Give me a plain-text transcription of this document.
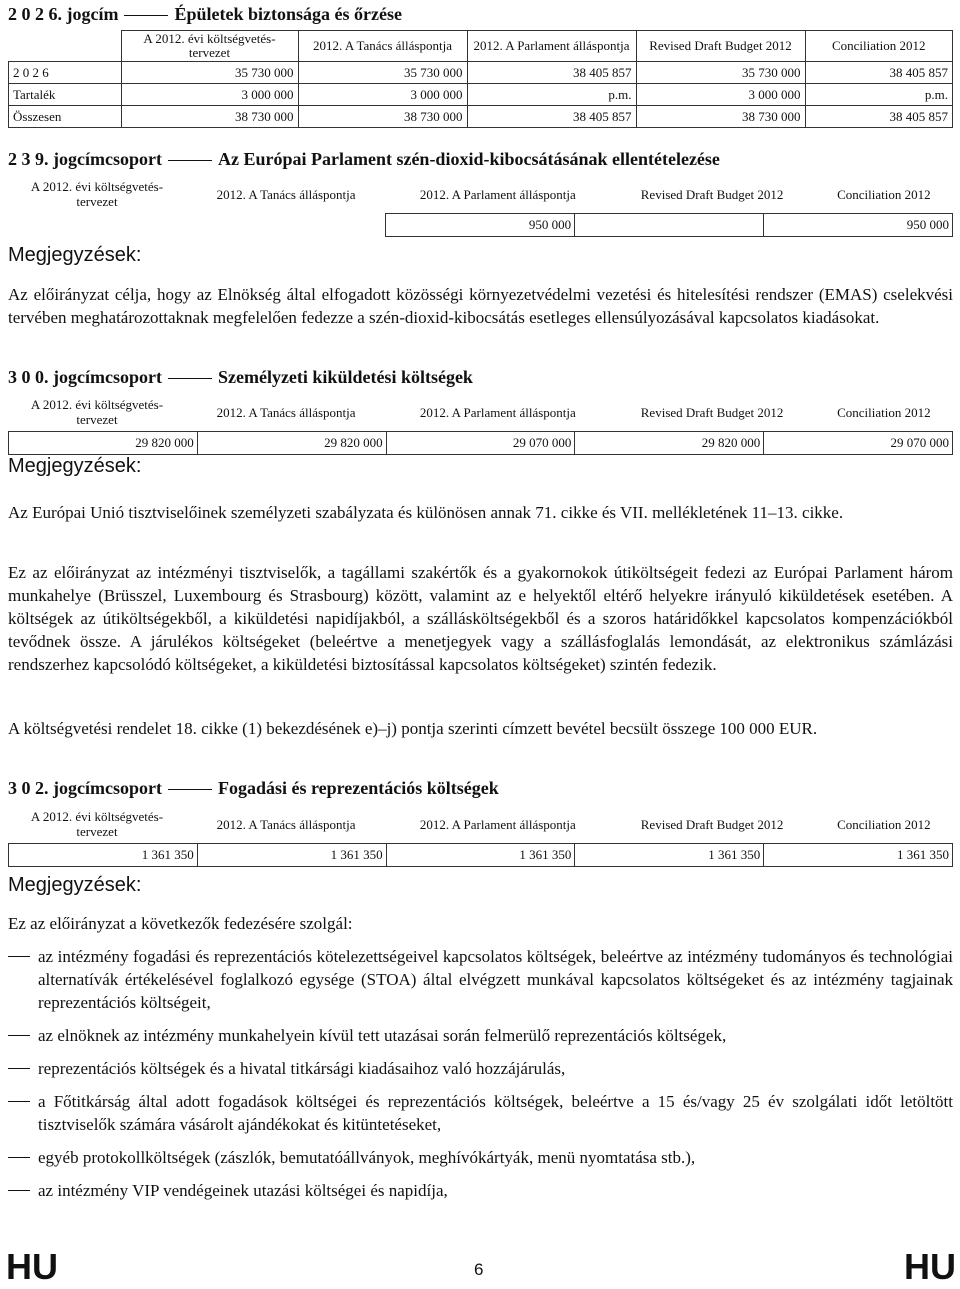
2 0 2 6. jogcím	Épületek biztonsága és őrzése
	A 2012. évi költségvetés-tervezet	2012. A Tanács álláspontja	2012. A Parlament álláspontja	Revised Draft Budget 2012	Conciliation 2012
2 0 2 6	35 730 000	35 730 000	38 405 857	35 730 000	38 405 857
Tartalék	3 000 000	3 000 000	p.m.	3 000 000	p.m.
Összesen	38 730 000	38 730 000	38 405 857	38 730 000	38 405 857
2 3 9. jogcímcsoport	Az Európai Parlament szén-dioxid-kibocsátásának ellentételezése
A 2012. évi költségvetés-tervezet	2012. A Tanács álláspontja	2012. A Parlament álláspontja	Revised Draft Budget 2012	Conciliation 2012

Megjegyzések:

		950 000		950 000

Az előirányzat célja, hogy az Elnökség által elfogadott közösségi környezetvédelmi vezetési és hitelesítési rendszer (EMAS) cselekvési tervében meghatározottaknak megfelelően fedezze a szén-dioxid-kibocsátás esetleges ellensúlyozásával kapcsolatos kiadásokat.

3 0 0. jogcímcsoport	Személyzeti kiküldetési költségek
A 2012. évi költségvetés-tervezet	2012. A Tanács álláspontja	2012. A Parlament álláspontja	Revised Draft Budget 2012	Conciliation 2012
29 820 000	29 820 000	29 070 000	29 820 000	29 070 000

Megjegyzések:

Az Európai Unió tisztviselőinek személyzeti szabályzata és különösen annak 71. cikke és VII. mellékletének 11–13. cikke.

Ez az előirányzat az intézményi tisztviselők, a tagállami szakértők és a gyakornokok útiköltségeit fedezi az Európai Parlament három munkahelye (Brüsszel, Luxembourg és Strasbourg) között, valamint az e helyektől eltérő helyekre irányuló kiküldetések esetében. A költségek az útiköltségekből, a kiküldetési napidíjakból, a szállásköltségekből és a szoros határidőkkel kapcsolatos kompenzációkból tevődnek össze. A járulékos költségeket (beleértve a menetjegyek vagy a szállásfoglalás lemondását, az elektronikus számlázási rendszerhez kapcsolódó költségeket, a kiküldetési biztosítással kapcsolatos költségeket) szintén fedezik.

A költségvetési rendelet 18. cikke (1) bekezdésének e)–j) pontja szerinti címzett bevétel becsült összege 100 000 EUR.

3 0 2. jogcímcsoport	Fogadási és reprezentációs költségek
A 2012. évi költségvetés-tervezet	2012. A Tanács álláspontja	2012. A Parlament álláspontja	Revised Draft Budget 2012	Conciliation 2012
1 361 350	1 361 350	1 361 350	1 361 350	1 361 350

Megjegyzések:

Ez az előirányzat a következők fedezésére szolgál:

az intézmény fogadási és reprezentációs kötelezettségeivel kapcsolatos költségek, beleértve az intézmény tudományos és technológiai alternatívák értékelésével foglalkozó egysége (STOA) által elvégzett munkával kapcsolatos költségeket és az intézmény tagjainak reprezentációs költségeit,
az elnöknek az intézmény munkahelyein kívül tett utazásai során felmerülő reprezentációs költségek,
reprezentációs költségek és a hivatal titkársági kiadásaihoz való hozzájárulás,
a Főtitkárság által adott fogadások költségei és reprezentációs költségek, beleértve a 15 és/vagy 25 év szolgálati időt letöltött tisztviselők számára vásárolt ajándékokat és kitüntetéseket,
egyéb protokollköltségek (zászlók, bemutatóállványok, meghívókártyák, menü nyomtatása stb.),
az intézmény VIP vendégeinek utazási költségei és napidíja,
HU	6	HU
